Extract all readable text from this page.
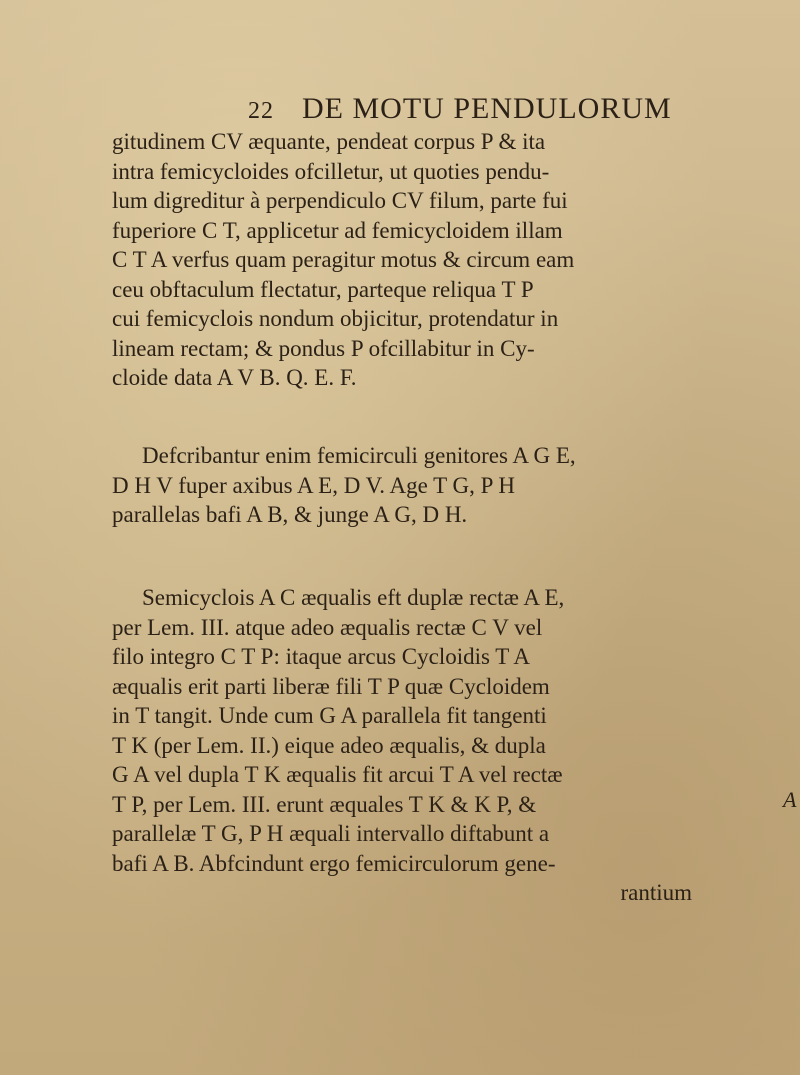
22 DE MOTU PENDULORUM
gitudinem CV æquante, pendeat corpus P & ita
intra femicycloides ofcilletur, ut quoties pendu-
lum digreditur à perpendiculo CV filum, parte fui
fuperiore C T, applicetur ad femicycloidem illam
C T A verfus quam peragitur motus & circum eam
ceu obftaculum flectatur, parteque reliqua T P
cui femicyclois nondum objicitur, protendatur in
lineam rectam; & pondus P ofcillabitur in Cy-
cloide data A V B. Q. E. F.
Defcribantur enim femicirculi genitores A G E,
D H V fuper axibus A E, D V. Age T G, P H
parallelas bafi A B, & junge A G, D H.
Semicyclois A C æqualis eft duplæ rectæ A E,
per Lem. III. atque adeo æqualis rectæ C V vel
filo integro C T P: itaque arcus Cycloidis T A
æqualis erit parti liberæ fili T P quæ Cycloidem
in T tangit. Unde cum G A parallela fit tangenti
T K (per Lem. II.) eique adeo æqualis, & dupla
G A vel dupla T K æqualis fit arcui T A vel rectæ
T P, per Lem. III. erunt æquales T K & K P, &
parallelæ T G, P H æquali intervallo diftabunt a
bafi A B. Abfcindunt ergo femicirculorum gene-
rantium
A
